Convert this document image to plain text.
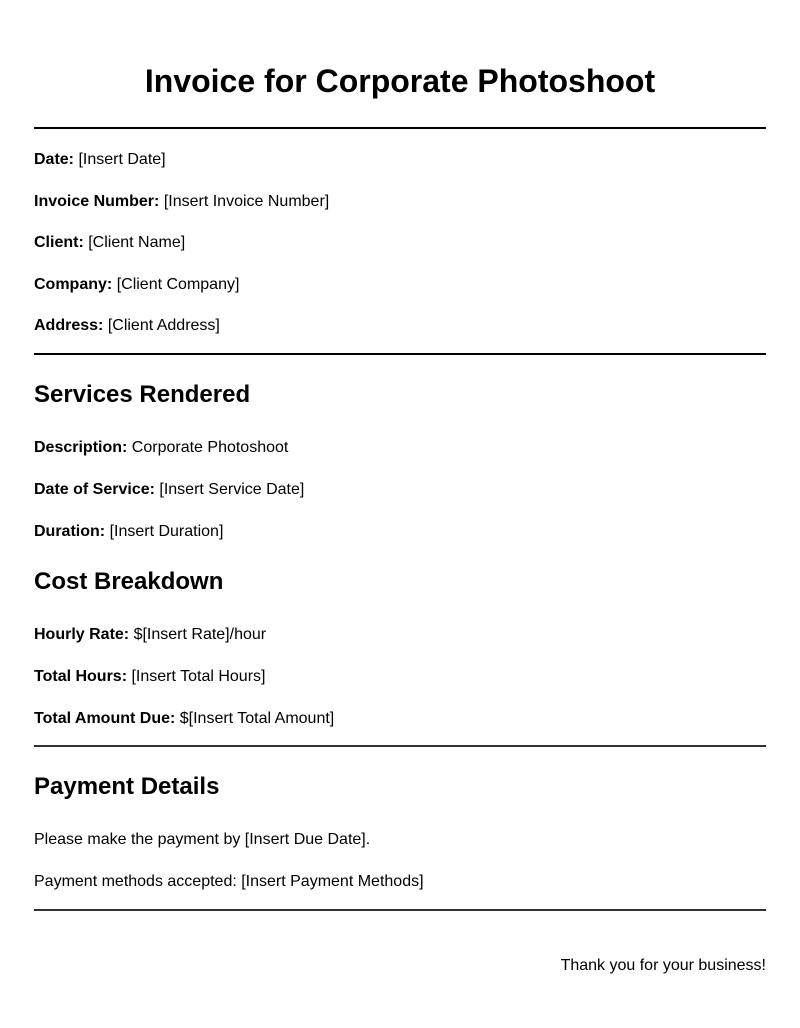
Invoice for Corporate Photoshoot
Date: [Insert Date]
Invoice Number: [Insert Invoice Number]
Client: [Client Name]
Company: [Client Company]
Address: [Client Address]
Services Rendered
Description: Corporate Photoshoot
Date of Service: [Insert Service Date]
Duration: [Insert Duration]
Cost Breakdown
Hourly Rate: $[Insert Rate]/hour
Total Hours: [Insert Total Hours]
Total Amount Due: $[Insert Total Amount]
Payment Details
Please make the payment by [Insert Due Date].
Payment methods accepted: [Insert Payment Methods]
Thank you for your business!
